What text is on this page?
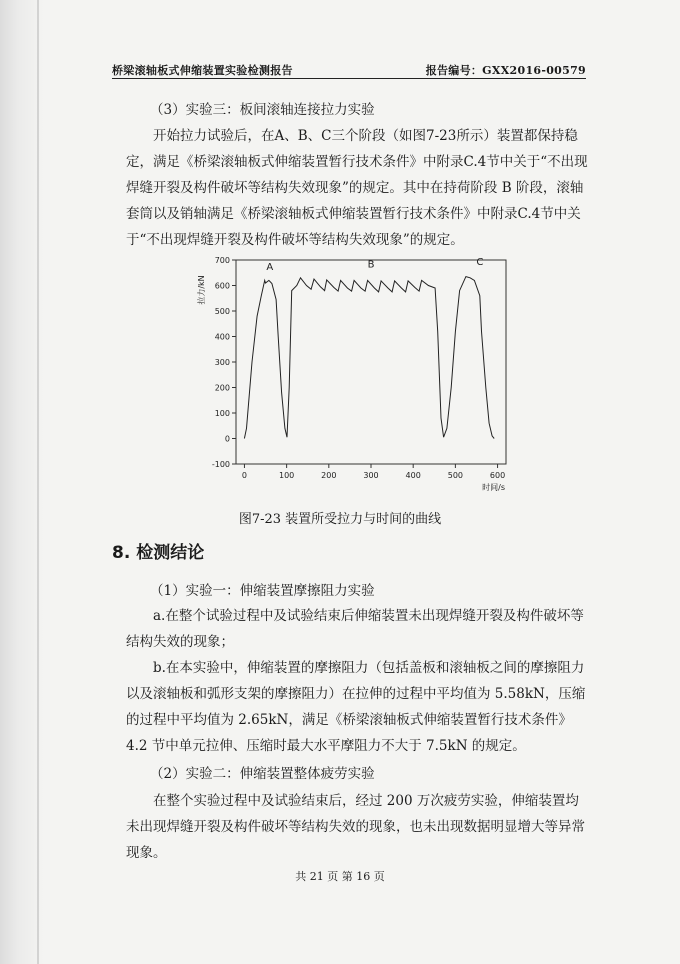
桥梁滚轴板式伸缩装置实验检测报告	报告编号：GXX2016-00579

（3）实验三：板间滚轴连接拉力实验

开始拉力试验后，在A、B、C三个阶段（如图7-23所示）装置都保持稳定，满足《桥梁滚轴板式伸缩装置暂行技术条件》中附录C.4节中关于“不出现焊缝开裂及构件破坏等结构失效现象”的规定。其中在持荷阶段 B 阶段，滚轴套筒以及销轴满足《桥梁滚轴板式伸缩装置暂行技术条件》中附录C.4节中关于“不出现焊缝开裂及构件破坏等结构失效现象”的规定。

-100
0
100
200
300
400
500
600
700
0	100	200	300	400	500	600
时间/s
拉力/kN
A	B	C
图7-23 装置所受拉力与时间的曲线
8. 检测结论

（1）实验一：伸缩装置摩擦阻力实验

a.在整个试验过程中及试验结束后伸缩装置未出现焊缝开裂及构件破坏等结构失效的现象；

b.在本实验中，伸缩装置的摩擦阻力（包括盖板和滚轴板之间的摩擦阻力以及滚轴板和弧形支架的摩擦阻力）在拉伸的过程中平均值为 5.58kN，压缩的过程中平均值为 2.65kN，满足《桥梁滚轴板式伸缩装置暂行技术条件》 4.2 节中单元拉伸、压缩时最大水平摩阻力不大于 7.5kN 的规定。

（2）实验二：伸缩装置整体疲劳实验

在整个实验过程中及试验结束后，经过 200 万次疲劳实验，伸缩装置均未出现焊缝开裂及构件破坏等结构失效的现象，也未出现数据明显增大等异常现象。

共 21 页 第 16 页
